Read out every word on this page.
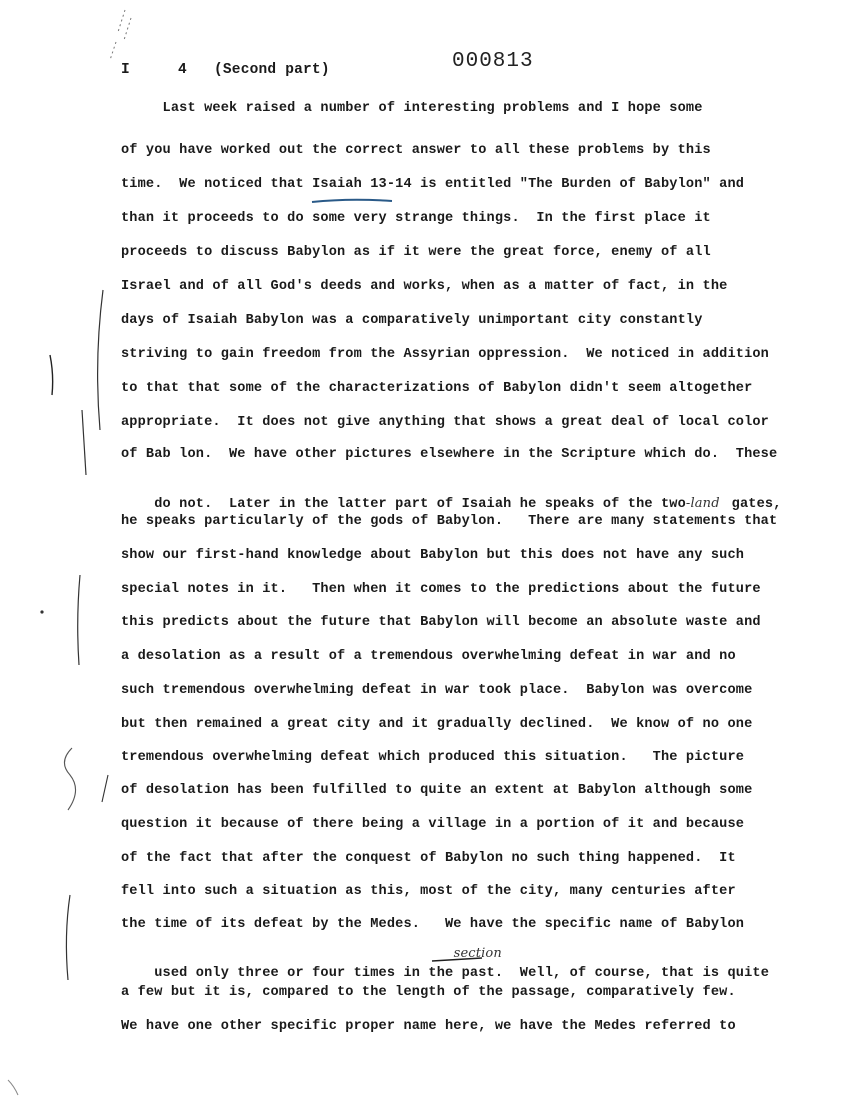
I	4 (Second part)	000813
Last week raised a number of interesting problems and I hope some
of you have worked out the correct answer to all these problems by this
time.  We noticed that Isaiah 13-14 is entitled "The Burden of Babylon" and
than it proceeds to do some very strange things.  In the first place it
proceeds to discuss Babylon as if it were the great force, enemy of all
Israel and of all God's deeds and works, when as a matter of fact, in the
days of Isaiah Babylon was a comparatively unimportant city constantly
striving to gain freedom from the Assyrian oppression.  We noticed in addition
to that that some of the characterizations of Babylon didn't seem altogether
appropriate.  It does not give anything that shows a great deal of local color
of Bab lon.  We have other pictures elsewhere in the Scripture which do.  These

do not.  Later in the latter part of Isaiah he speaks of the two-land gates,

he speaks particularly of the gods of Babylon.   There are many statements that
show our first-hand knowledge about Babylon but this does not have any such
special notes in it.   Then when it comes to the predictions about the future
this predicts about the future that Babylon will become an absolute waste and
a desolation as a result of a tremendous overwhelming defeat in war and no
such tremendous overwhelming defeat in war took place.  Babylon was overcome
but then remained a great city and it gradually declined.  We know of no one
tremendous overwhelming defeat which produced this situation.   The picture
of desolation has been fulfilled to quite an extent at Babylon although some
question it because of there being a village in a portion of it and because
of the fact that after the conquest of Babylon no such thing happened.  It
fell into such a situation as this, most of the city, many centuries after
the time of its defeat by the Medes.   We have the specific name of Babylon

used only three or four times in the past.
section
Well, of course, that is quite

a few but it is, compared to the length of the passage, comparatively few.
We have one other specific proper name here, we have the Medes referred to
